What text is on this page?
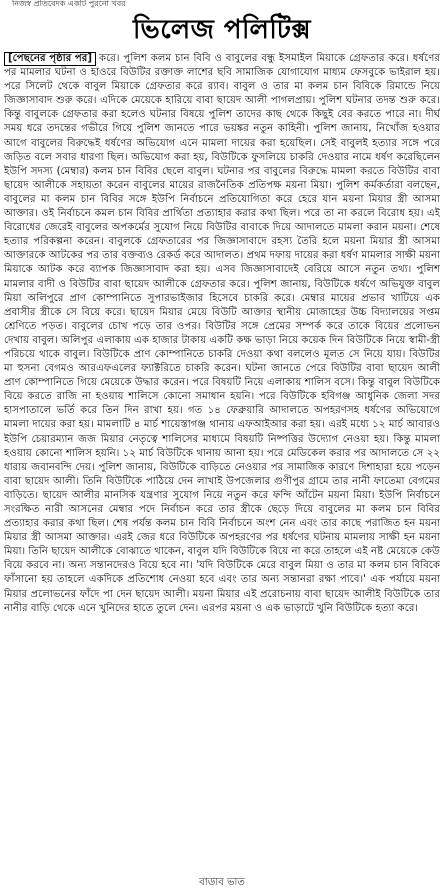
নিজস্ব প্রতিবেদক একটি পুরনো খবর
ভিলেজ পলিটিক্স
[পেছনের পৃষ্ঠার পর] করে। পুলিশ কলম চান বিবি ও বাবুলের বন্ধু ইসমাইল মিয়াকে গ্রেফতার করে। ধর্ষণের পর মামলার ঘটনা ও হাওরে বিউটির রক্তাক্ত লাশের ছবি সামাজিক যোগাযোগ মাধ্যম ফেসবুকে ভাইরাল হয়। পরে সিলেট থেকে বাবুল মিয়াকে গ্রেফতার করে র‌্যাব। বাবুল ও তার মা কলম চান বিবিকে রিমান্ডে নিয়ে জিজ্ঞাসাবাদ শুরু করে। এদিকে মেয়েকে হারিয়ে বাবা ছায়েদ আলী পাগলপ্রায়। পুলিশ ঘটনার তদন্ত শুরু করে। কিন্তু বাবুলকে গ্রেফতার করা হলেও ঘটনার বিষয়ে পুলিশ তাদের কাছ থেকে কিছুই বের করতে পারে না। দীর্ঘ সময় ধরে তদন্তের গভীরে গিয়ে পুলিশ জানতে পারে ভয়ঙ্কর নতুন কাহিনী। পুলিশ জানায়, নিখোঁজ হওয়ার আগে বাবুলের বিরুদ্ধেই ধর্ষণের অভিযোগ এনে মামলা দায়ের করা হয়েছিল। সেই বাবুলই হত্যার সঙ্গে পরে জড়িত বলে সবার ধারণা ছিল। অভিযোগ করা হয়, বিউটিকে ফুসলিয়ে চাকরি দেওয়ার নামে ধর্ষণ করেছিলেন ইউপি সদস্য (মেম্বার) কলম চান বিবির ছেলে বাবুল। ঘটনার পর বাবুলের বিরুদ্ধে মামলা করতে বিউটির বাবা ছায়েদ আলীকে সহায়তা করেন বাবুলের মায়ের রাজনৈতিক প্রতিপক্ষ ময়না মিয়া। পুলিশ কর্মকর্তারা বলছেন, বাবুলের মা কলম চান বিবির সঙ্গে ইউপি নির্বাচনে প্রতিযোগিতা করে হেরে যান ময়না মিয়ার স্ত্রী আসমা আক্তার। ওই নির্বাচনে কমল চান বিবির প্রার্থিতা প্রত্যাহার করার কথা ছিল। পরে তা না করলে বিরোধ হয়। এই বিরোধের জেরেই বাবুলের অপকর্মের সুযোগ নিয়ে বিউটির বাবাকে দিয়ে আদালতে মামলা করান ময়না। শেষে হত্যার পরিকল্পনা করেন। বাবুলকে গ্রেফতারের পর জিজ্ঞাসাবাদে রহস্য তৈরি হলে ময়না মিয়ার স্ত্রী আসমা আক্তারকে আটকের পর তার বক্তব্যও রেকর্ড করে আদালত। প্রথম দফায় দায়ের করা ধর্ষণ মামলার সাক্ষী ময়না মিয়াকে আটক করে ব্যাপক জিজ্ঞাসাবাদ করা হয়। এসব জিজ্ঞাসাবাদেই বেরিয়ে আসে নতুন তথ্য। পুলিশ মামলার বাদী ও বিউটির বাবা ছায়েদ আলীকে গ্রেফতার করে। পুলিশ জানায়, বিউটিকে ধর্ষণে অভিযুক্ত বাবুল মিয়া অলিপুরে প্রাণ কোম্পানিতে সুপারভাইজার হিসেবে চাকরি করে। মেম্বার মায়ের প্রভাব খাটিয়ে এক প্রবাসীর স্ত্রীকে সে বিয়ে করে। ছায়েদ মিয়ার মেয়ে বিউটি আক্তার স্থানীয় মোজাহের উচ্চ বিদ্যালয়ের সপ্তম শ্রেণিতে পড়ত। বাবুলের চোখ পড়ে তার ওপর। বিউটির সঙ্গে প্রেমের সম্পর্ক করে তাকে বিয়ের প্রলোভন দেখায় বাবুল। অলিপুর এলাকায় এক হাজার টাকায় একটি কক্ষ ভাড়া নিয়ে কয়েক দিন বিউটিকে নিয়ে স্বামী-স্ত্রী পরিচয়ে থাকে বাবুল। বিউটিকে প্রাণ কোম্পানিতে চাকরি দেওয়া কথা বললেও মূলত সে নিয়ে যায়। বিউটির মা হুসনা বেগমও আরএফএলের ফ্যাক্টরিতে চাকরি করেন। ঘটনা জানতে পেরে বিউটির বাবা ছায়েদ আলী প্রাণ কোম্পানিতে গিয়ে মেয়েকে উদ্ধার করেন। পরে বিষয়টি নিয়ে এলাকায় শালিস বসে। কিন্তু বাবুল বিউটিকে বিয়ে করতে রাজি না হওয়ায় শালিসে কোনো সমাধান হয়নি। পরে বিউটিকে হবিগঞ্জ আধুনিক জেলা সদর হাসপাতালে ভর্তি করে তিন দিন রাখা হয়। গত ১৪ ফেব্রুয়ারি আদালতে অপহরণসহ ধর্ষণের অভিযোগে মামলা দায়ের করা হয়। মামলাটি ৪ মার্চ শায়েস্তাগঞ্জ থানায় এফআইআর করা হয়। এরই মধ্যে ১২ মার্চ আবারও ইউপি চেয়ারম্যান জজ মিয়ার নেতৃত্বে শালিসের মাধ্যমে বিষয়টি নিষ্পত্তির উদ্যোগ নেওয়া হয়। কিন্তু মামলা হওয়ায় কোনো শালিস হয়নি। ১২ মার্চ বিউটিকে থানায় আনা হয়। পরে মেডিকেল করার পর আদালতে সে ২২ ধারায় জবানবন্দি দেয়। পুলিশ জানায়, বিউটিকে বাড়িতে নেওয়ার পর সামাজিক কারণে দিশাহারা হয়ে পড়েন বাবা ছায়েদ আলী। তিনি বিউটিকে পাঠিয়ে দেন লাখাই উপজেলার গুণীপুর গ্রামে তার নানী ফাতেমা বেগমের বাড়িতে। ছায়েদ আলীর মানসিক যন্ত্রণার সুযোগ নিয়ে নতুন করে ফন্দি আঁটেন ময়না মিয়া। ইউপি নির্বাচনে সংরক্ষিত নারী আসনের মেম্বার পদে নির্বাচন করে তার স্ত্রীকে ছেড়ে দিয়ে বাবুলের মা কলম চান বিবির প্রত্যাহার করার কথা ছিল। শেষ পর্যন্ত কলম চান বিবি নির্বাচনে অংশ নেন এবং তার কাছে পরাজিত হন ময়না মিয়ার স্ত্রী আসমা আক্তার। এরই জের ধরে বিউটিকে অপহরণের পর ধর্ষণের ঘটনায় মামলায় সাক্ষী হন ময়না মিয়া। তিনি ছায়েদ আলীকে বোঝাতে থাকেন, বাবুল যদি বিউটিকে বিয়ে না করে তাহলে এই নষ্ট মেয়েকে কেউ বিয়ে করবে না। অন্য সন্তানদেরও বিয়ে হবে না। 'যদি বিউটিকে মেরে বাবুল মিয়া ও তার মা কলম চান বিবিকে ফাঁসানো হয় তাহলে একদিকে প্রতিশোধ নেওয়া হবে এবং তার অন্য সন্তানরা রক্ষা পাবে।' এক পর্যায়ে ময়না মিয়ার প্রলোভনের ফাঁদে পা দেন ছায়েদ আলী। ময়না মিয়ার এই প্ররোচনায় বাবা ছায়েদ আলীই বিউটিকে তার নানীর বাড়ি থেকে এনে খুনিদের হাতে তুলে দেন। এরপর ময়না ও এক ভাড়াটে খুনি বিউটিকে হত্যা করে।
বাউবি ভর্তি
